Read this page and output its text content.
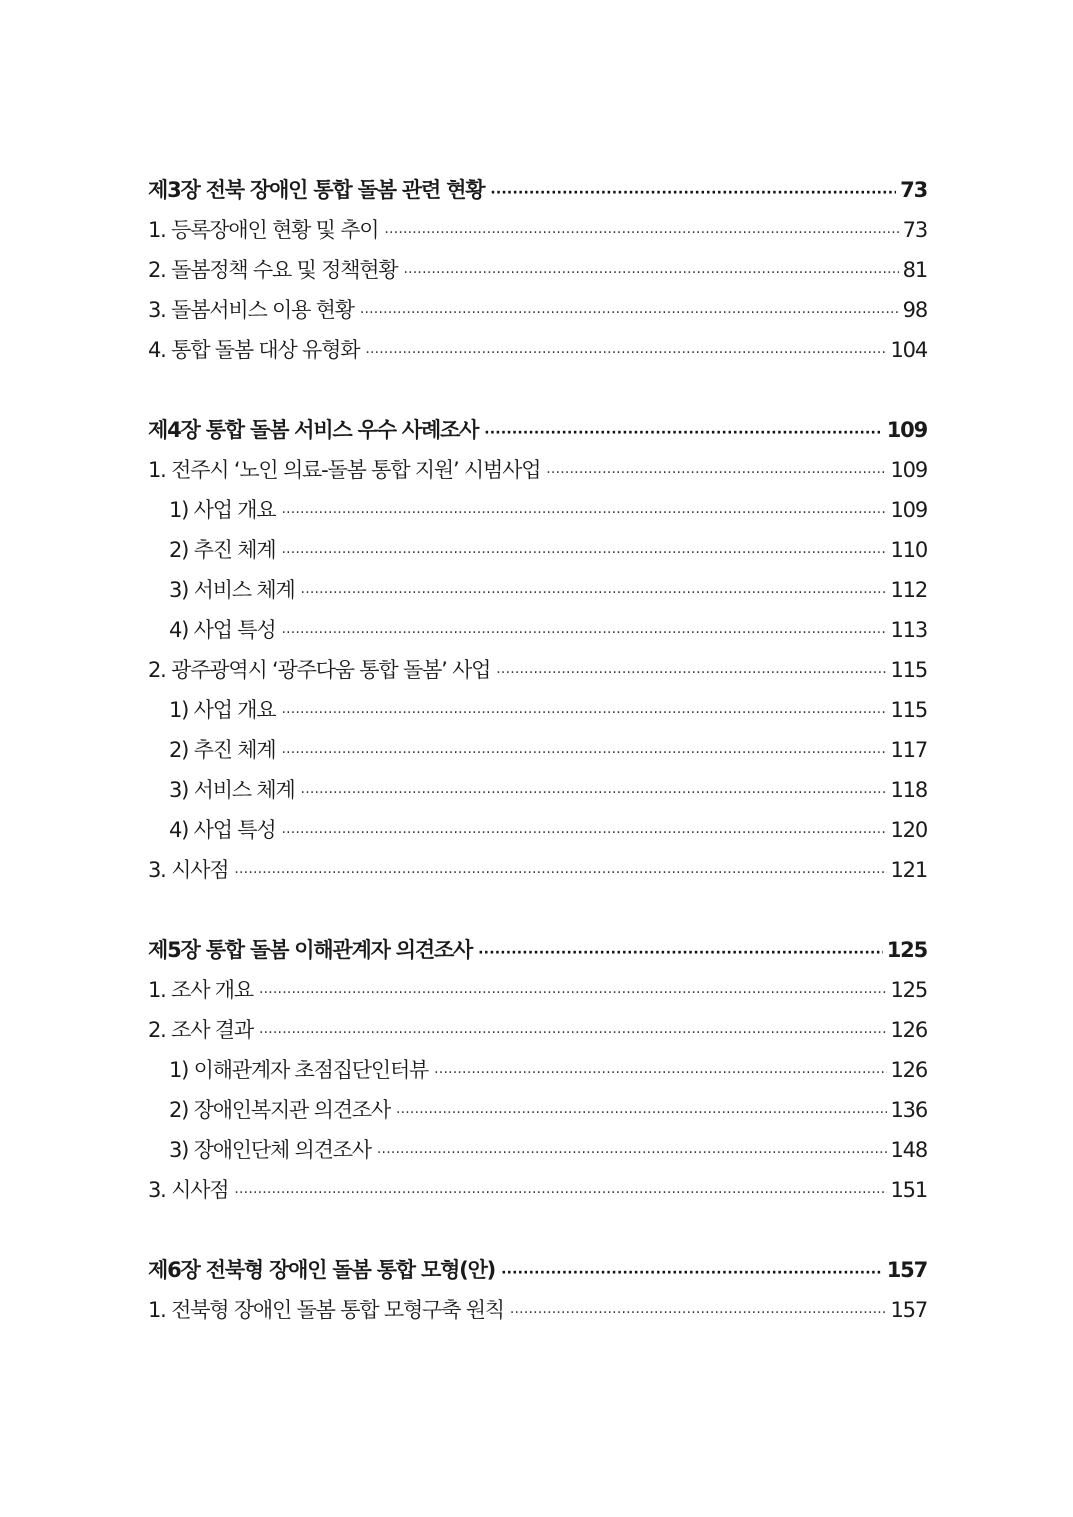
제3장 전북 장애인 통합 돌봄 관련 현황 ·····	73
1. 등록장애인 현황 및 추이 ·····	73
2. 돌봄정책 수요 및 정책현황 ·····	81
3. 돌봄서비스 이용 현황 ·····	98
4. 통합 돌봄 대상 유형화 ·····	104
제4장 통합 돌봄 서비스 우수 사례조사 ·····	109
1. 전주시 ‘노인 의료-돌봄 통합 지원’ 시범사업 ·····	109
1) 사업 개요 ·····	109
2) 추진 체계 ·····	110
3) 서비스 체계 ·····	112
4) 사업 특성 ·····	113
2. 광주광역시 ‘광주다움 통합 돌봄’ 사업 ·····	115
1) 사업 개요 ·····	115
2) 추진 체계 ·····	117
3) 서비스 체계 ·····	118
4) 사업 특성 ·····	120
3. 시사점 ·····	121
제5장 통합 돌봄 이해관계자 의견조사 ·····	125
1. 조사 개요 ·····	125
2. 조사 결과 ·····	126
1) 이해관계자 초점집단인터뷰 ·····	126
2) 장애인복지관 의견조사 ·····	136
3) 장애인단체 의견조사 ·····	148
3. 시사점 ·····	151
제6장 전북형 장애인 돌봄 통합 모형(안) ·····	157
1. 전북형 장애인 돌봄 통합 모형구축 원칙 ·····	157
